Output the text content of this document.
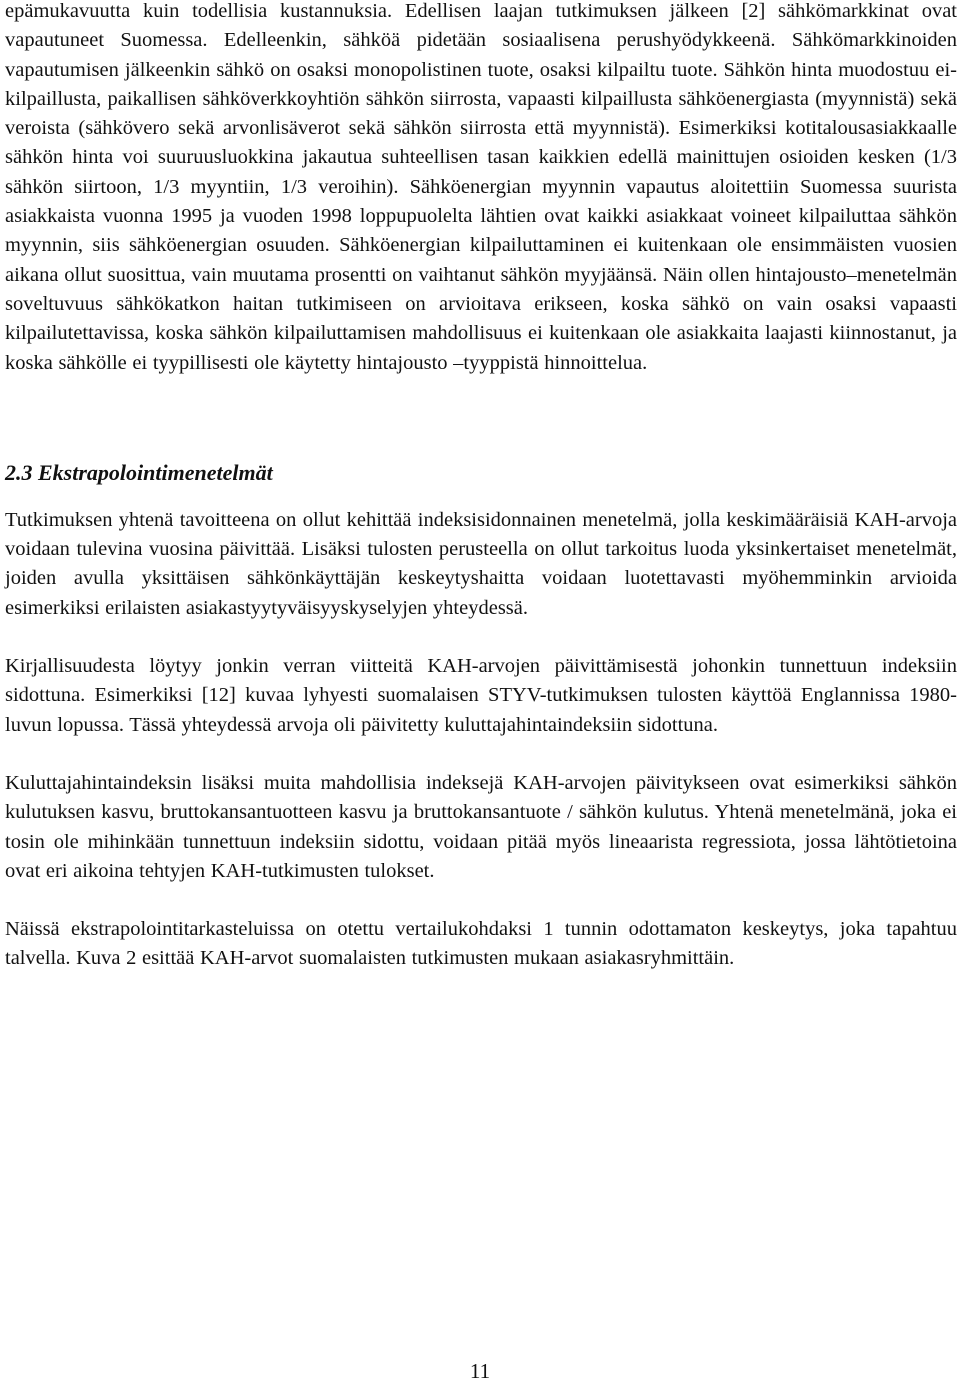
epämukavuutta kuin todellisia kustannuksia. Edellisen laajan tutkimuksen jälkeen [2] sähkömarkkinat ovat vapautuneet Suomessa. Edelleenkin, sähköä pidetään sosiaalisena perushyödykkeenä. Sähkömarkkinoiden vapautumisen jälkeenkin sähkö on osaksi monopolistinen tuote, osaksi kilpailtu tuote. Sähkön hinta muodostuu ei-kilpaillusta, paikallisen sähköverkkoyhtiön sähkön siirrosta, vapaasti kilpaillusta sähköenergiasta (myynnistä) sekä veroista (sähkövero sekä arvonlisäverot sekä sähkön siirrosta että myynnistä). Esimerkiksi kotitalousasiakkaalle sähkön hinta voi suuruusluokkina jakautua suhteellisen tasan kaikkien edellä mainittujen osioiden kesken (1/3 sähkön siirtoon, 1/3 myyntiin, 1/3 veroihin). Sähköenergian myynnin vapautus aloitettiin Suomessa suurista asiakkaista vuonna 1995 ja vuoden 1998 loppupuolelta lähtien ovat kaikki asiakkaat voineet kilpailuttaa sähkön myynnin, siis sähköenergian osuuden. Sähköenergian kilpailuttaminen ei kuitenkaan ole ensimmäisten vuosien aikana ollut suosittua, vain muutama prosentti on vaihtanut sähkön myyjäänsä. Näin ollen hintajousto–menetelmän soveltuvuus sähkökatkon haitan tutkimiseen on arvioitava erikseen, koska sähkö on vain osaksi vapaasti kilpailutettavissa, koska sähkön kilpailuttamisen mahdollisuus ei kuitenkaan ole asiakkaita laajasti kiinnostanut, ja koska sähkölle ei tyypillisesti ole käytetty hintajousto –tyyppistä hinnoittelua.

2.3 Ekstrapolointimenetelmät

Tutkimuksen yhtenä tavoitteena on ollut kehittää indeksisidonnainen menetelmä, jolla keskimääräisiä KAH-arvoja voidaan tulevina vuosina päivittää. Lisäksi tulosten perusteella on ollut tarkoitus luoda yksinkertaiset menetelmät, joiden avulla yksittäisen sähkönkäyttäjän keskeytyshaitta voidaan luotettavasti myöhemminkin arvioida esimerkiksi erilaisten asiakastyytyväisyyskyselyjen yhteydessä.

Kirjallisuudesta löytyy jonkin verran viitteitä KAH-arvojen päivittämisestä johonkin tunnettuun indeksiin sidottuna. Esimerkiksi [12] kuvaa lyhyesti suomalaisen STYV-tutkimuksen tulosten käyttöä Englannissa 1980-luvun lopussa. Tässä yhteydessä arvoja oli päivitetty kuluttajahintaindeksiin sidottuna.

Kuluttajahintaindeksin lisäksi muita mahdollisia indeksejä KAH-arvojen päivitykseen ovat esimerkiksi sähkön kulutuksen kasvu, bruttokansantuotteen kasvu ja bruttokansantuote / sähkön kulutus. Yhtenä menetelmänä, joka ei tosin ole mihinkään tunnettuun indeksiin sidottu, voidaan pitää myös lineaarista regressiota, jossa lähtötietoina ovat eri aikoina tehtyjen KAH-tutkimusten tulokset.

Näissä ekstrapolointitarkasteluissa on otettu vertailukohdaksi 1 tunnin odottamaton keskeytys, joka tapahtuu talvella. Kuva 2 esittää KAH-arvot suomalaisten tutkimusten mukaan asiakasryhmittäin.

11
